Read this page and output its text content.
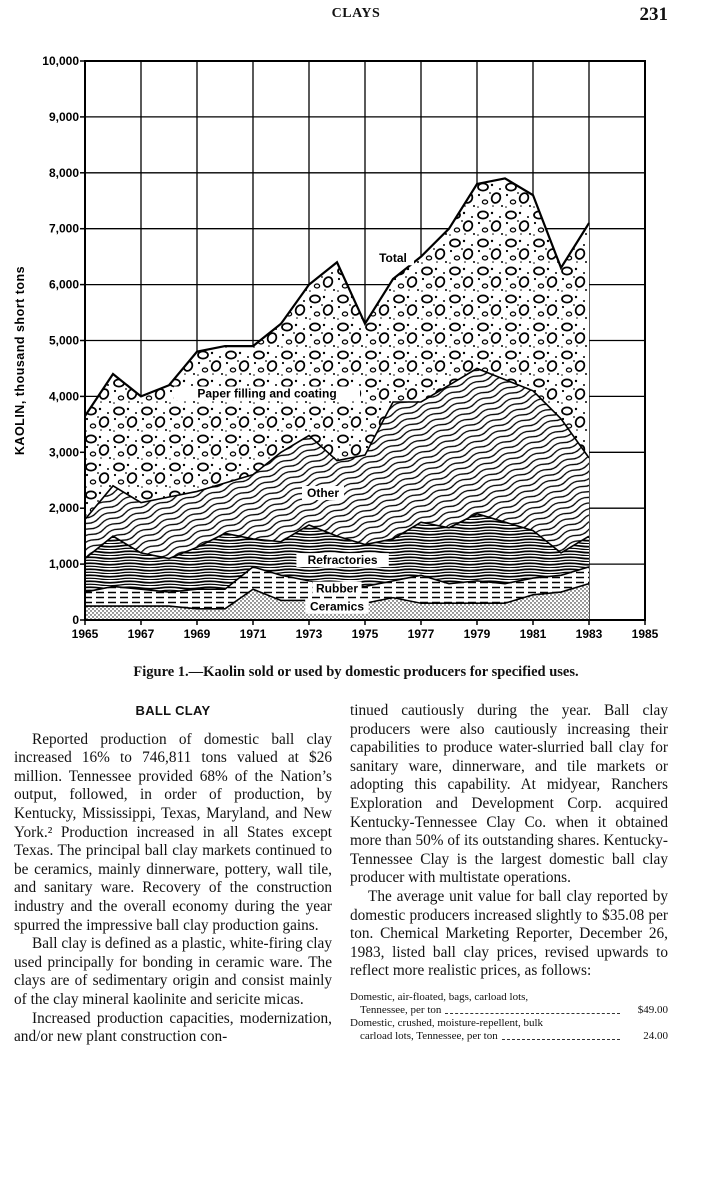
CLAYS	231
0
1,000
2,000
3,000
4,000
5,000
6,000
7,000
8,000
9,000
10,000
1965 1967 1969 1971 1973 1975 1977 1979 1981 1983 1985
KAOLIN, thousand short tons
Total
Paper filling and coating
Other
Refractories
Rubber
Ceramics
Figure 1.—Kaolin sold or used by domestic producers for specified uses.
BALL CLAY

Reported production of domestic ball clay increased 16% to 746,811 tons valued at $26 million. Tennessee provided 68% of the Nation’s output, followed, in order of production, by Kentucky, Mississippi, Texas, Maryland, and New York.² Production increased in all States except Texas. The principal ball clay markets continued to be ceramics, mainly dinnerware, pottery, wall tile, and sanitary ware. Recovery of the construction industry and the overall economy during the year spurred the impressive ball clay production gains.

Ball clay is defined as a plastic, white-firing clay used principally for bonding in ceramic ware. The clays are of sedimentary origin and consist mainly of the clay mineral kaolinite and sericite micas.

Increased production capacities, modernization, and/or new plant construction con-

tinued cautiously during the year. Ball clay producers were also cautiously increasing their capabilities to produce water-slurried ball clay for sanitary ware, dinnerware, and tile markets or adopting this capability. At midyear, Ranchers Exploration and Development Corp. acquired Kentucky-Tennessee Clay Co. when it obtained more than 50% of its outstanding shares. Kentucky-Tennessee Clay is the largest domestic ball clay producer with multistate operations.

The average unit value for ball clay reported by domestic producers increased slightly to $35.08 per ton. Chemical Marketing Reporter, December 26, 1983, listed ball clay prices, revised upwards to reflect more realistic prices, as follows:

Domestic, air-floated, bags, carload lots,
Tennessee, per ton	$49.00
Domestic, crushed, moisture-repellent, bulk
carload lots, Tennessee, per ton	24.00
